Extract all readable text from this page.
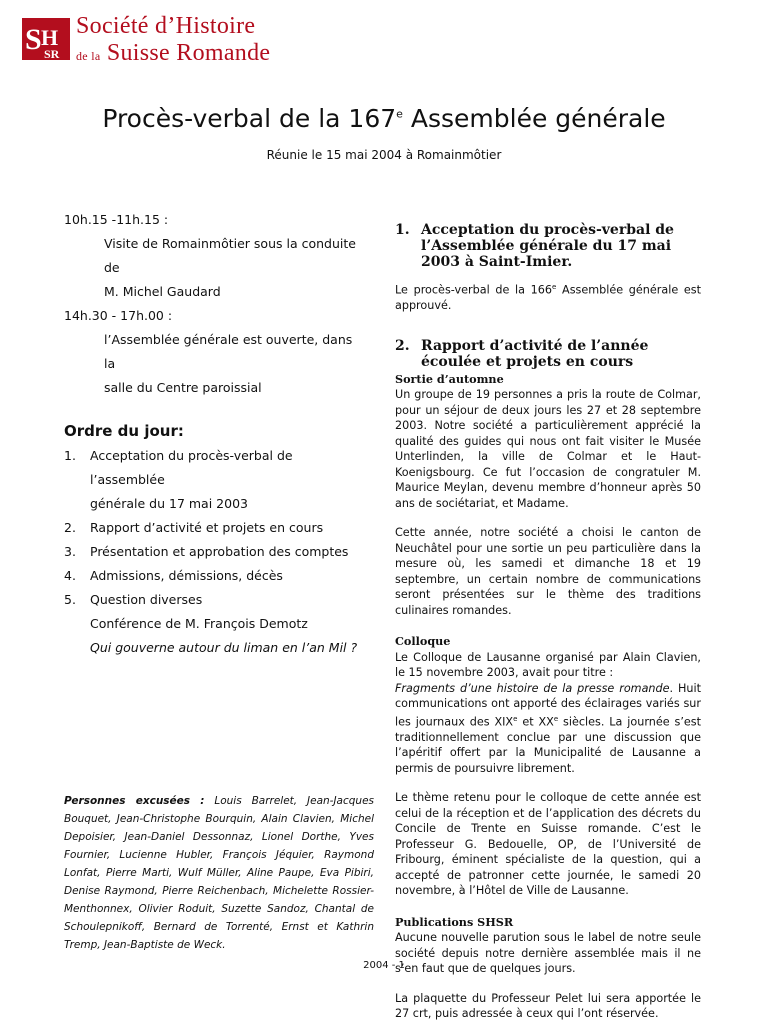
S H
SR
Société d’Histoire
de la Suisse Romande
Procès-verbal de la 167e Assemblée générale
Réunie le 15 mai 2004 à Romainmôtier
10h.15 -11h.15 :
Visite de Romainmôtier sous la conduite de
M. Michel Gaudard
14h.30 - 17h.00 :
l’Assemblée générale est ouverte, dans la
salle du Centre paroissial
Ordre du jour:
1.	Acceptation du procès-verbal de l’assemblée
générale du 17 mai 2003
2.	Rapport d’activité et projets en cours
3.	Présentation et approbation des comptes
4.	Admissions, démissions, décès
5.	Question diverses
Conférence de M. François Demotz
Qui gouverne autour du liman en l’an Mil ?
Personnes excusées : Louis Barrelet, Jean-Jacques Bouquet, Jean-Christophe Bourquin, Alain Clavien, Michel Depoisier, Jean-Daniel Dessonnaz, Lionel Dorthe, Yves Fournier, Lucienne Hubler, François Jéquier, Raymond Lonfat, Pierre Marti, Wulf Müller, Aline Paupe, Eva Pibiri, Denise Raymond, Pierre Reichenbach, Michelette Rossier-Menthonnex, Olivier Roduit, Suzette Sandoz, Chantal de Schoulepnikoff, Bernard de Torrenté, Ernst et Kathrin Tremp, Jean-Baptiste de Weck.
1. Acceptation du procès-verbal de l’Assemblée générale du 17 mai 2003 à Saint-Imier.

Le procès-verbal de la 166e Assemblée générale est approuvé.

2. Rapport d’activité de l’année écoulée et projets en cours
Sortie d’automne

Un groupe de 19 personnes a pris la route de Colmar, pour un séjour de deux jours les 27 et 28 septembre 2003. Notre société a particulièrement apprécié la qualité des guides qui nous ont fait visiter le Musée Unterlinden, la ville de Colmar et le Haut-Koenigsbourg. Ce fut l’occasion de congratuler M. Maurice Meylan, devenu membre d’honneur après 50 ans de sociétariat, et Madame.

Cette année, notre société a choisi le canton de Neuchâtel pour une sortie un peu particulière dans la mesure où, les samedi et dimanche 18 et 19 septembre, un certain nombre de communications seront présentées sur le thème des traditions culinaires romandes.

Colloque

Le Colloque de Lausanne organisé par Alain Clavien, le 15 novembre 2003, avait pour titre :
Fragments d’une histoire de la presse romande. Huit communications ont apporté des éclairages variés sur les journaux des XIXe et XXe siècles. La journée s’est traditionnellement conclue par une discussion que l’apéritif offert par la Municipalité de Lausanne a permis de poursuivre librement.

Le thème retenu pour le colloque de cette année est celui de la réception et de l’application des décrets du Concile de Trente en Suisse romande. C’est le Professeur G. Bedouelle, OP, de l’Université de Fribourg, éminent spécialiste de la question, qui a accepté de patronner cette journée, le samedi 20 novembre, à l’Hôtel de Ville de Lausanne.

Publications SHSR

Aucune nouvelle parution sous le label de notre seule société depuis notre dernière assemblée mais il ne s’en faut que de quelques jours.

La plaquette du Professeur Pelet lui sera apportée le 27 crt, puis adressée à ceux qui l’ont réservée.

2004 - 1
